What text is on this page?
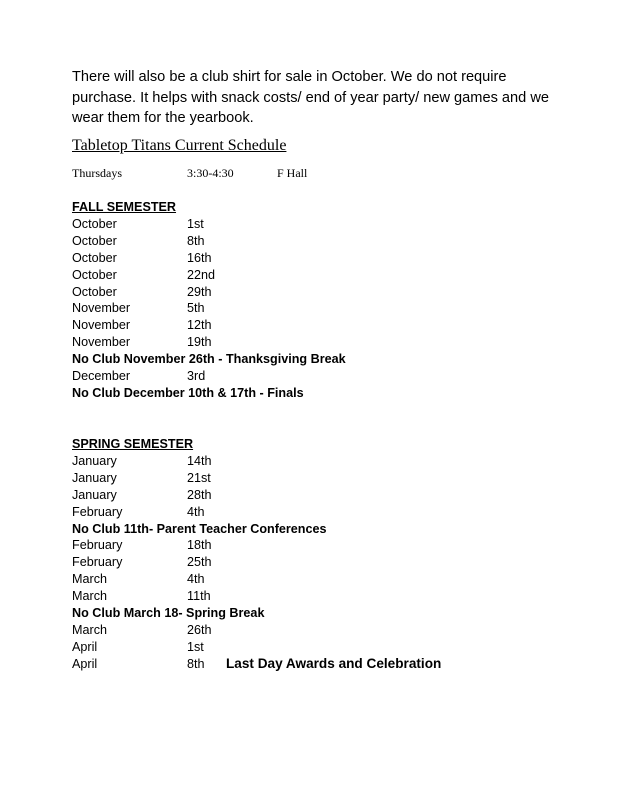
There will also be a club shirt for sale in October. We do not require

purchase. It helps with snack costs/ end of year party/ new games and we

wear them for the yearbook.

Tabletop Titans Current Schedule
Thursdays	3:30-4:30	F Hall
FALL SEMESTER
October	1st
October	8th
October	16th
October	22nd
October	29th
November	5th
November	12th
November	19th
No Club November 26th - Thanksgiving Break
December	3rd
No Club December 10th & 17th - Finals
SPRING SEMESTER
January	14th
January	21st
January	28th
February	4th
No Club 11th- Parent Teacher Conferences
February	18th
February	25th
March	4th
March	11th
No Club March 18- Spring Break
March	26th
April	1st
April	8th Last Day Awards and Celebration
